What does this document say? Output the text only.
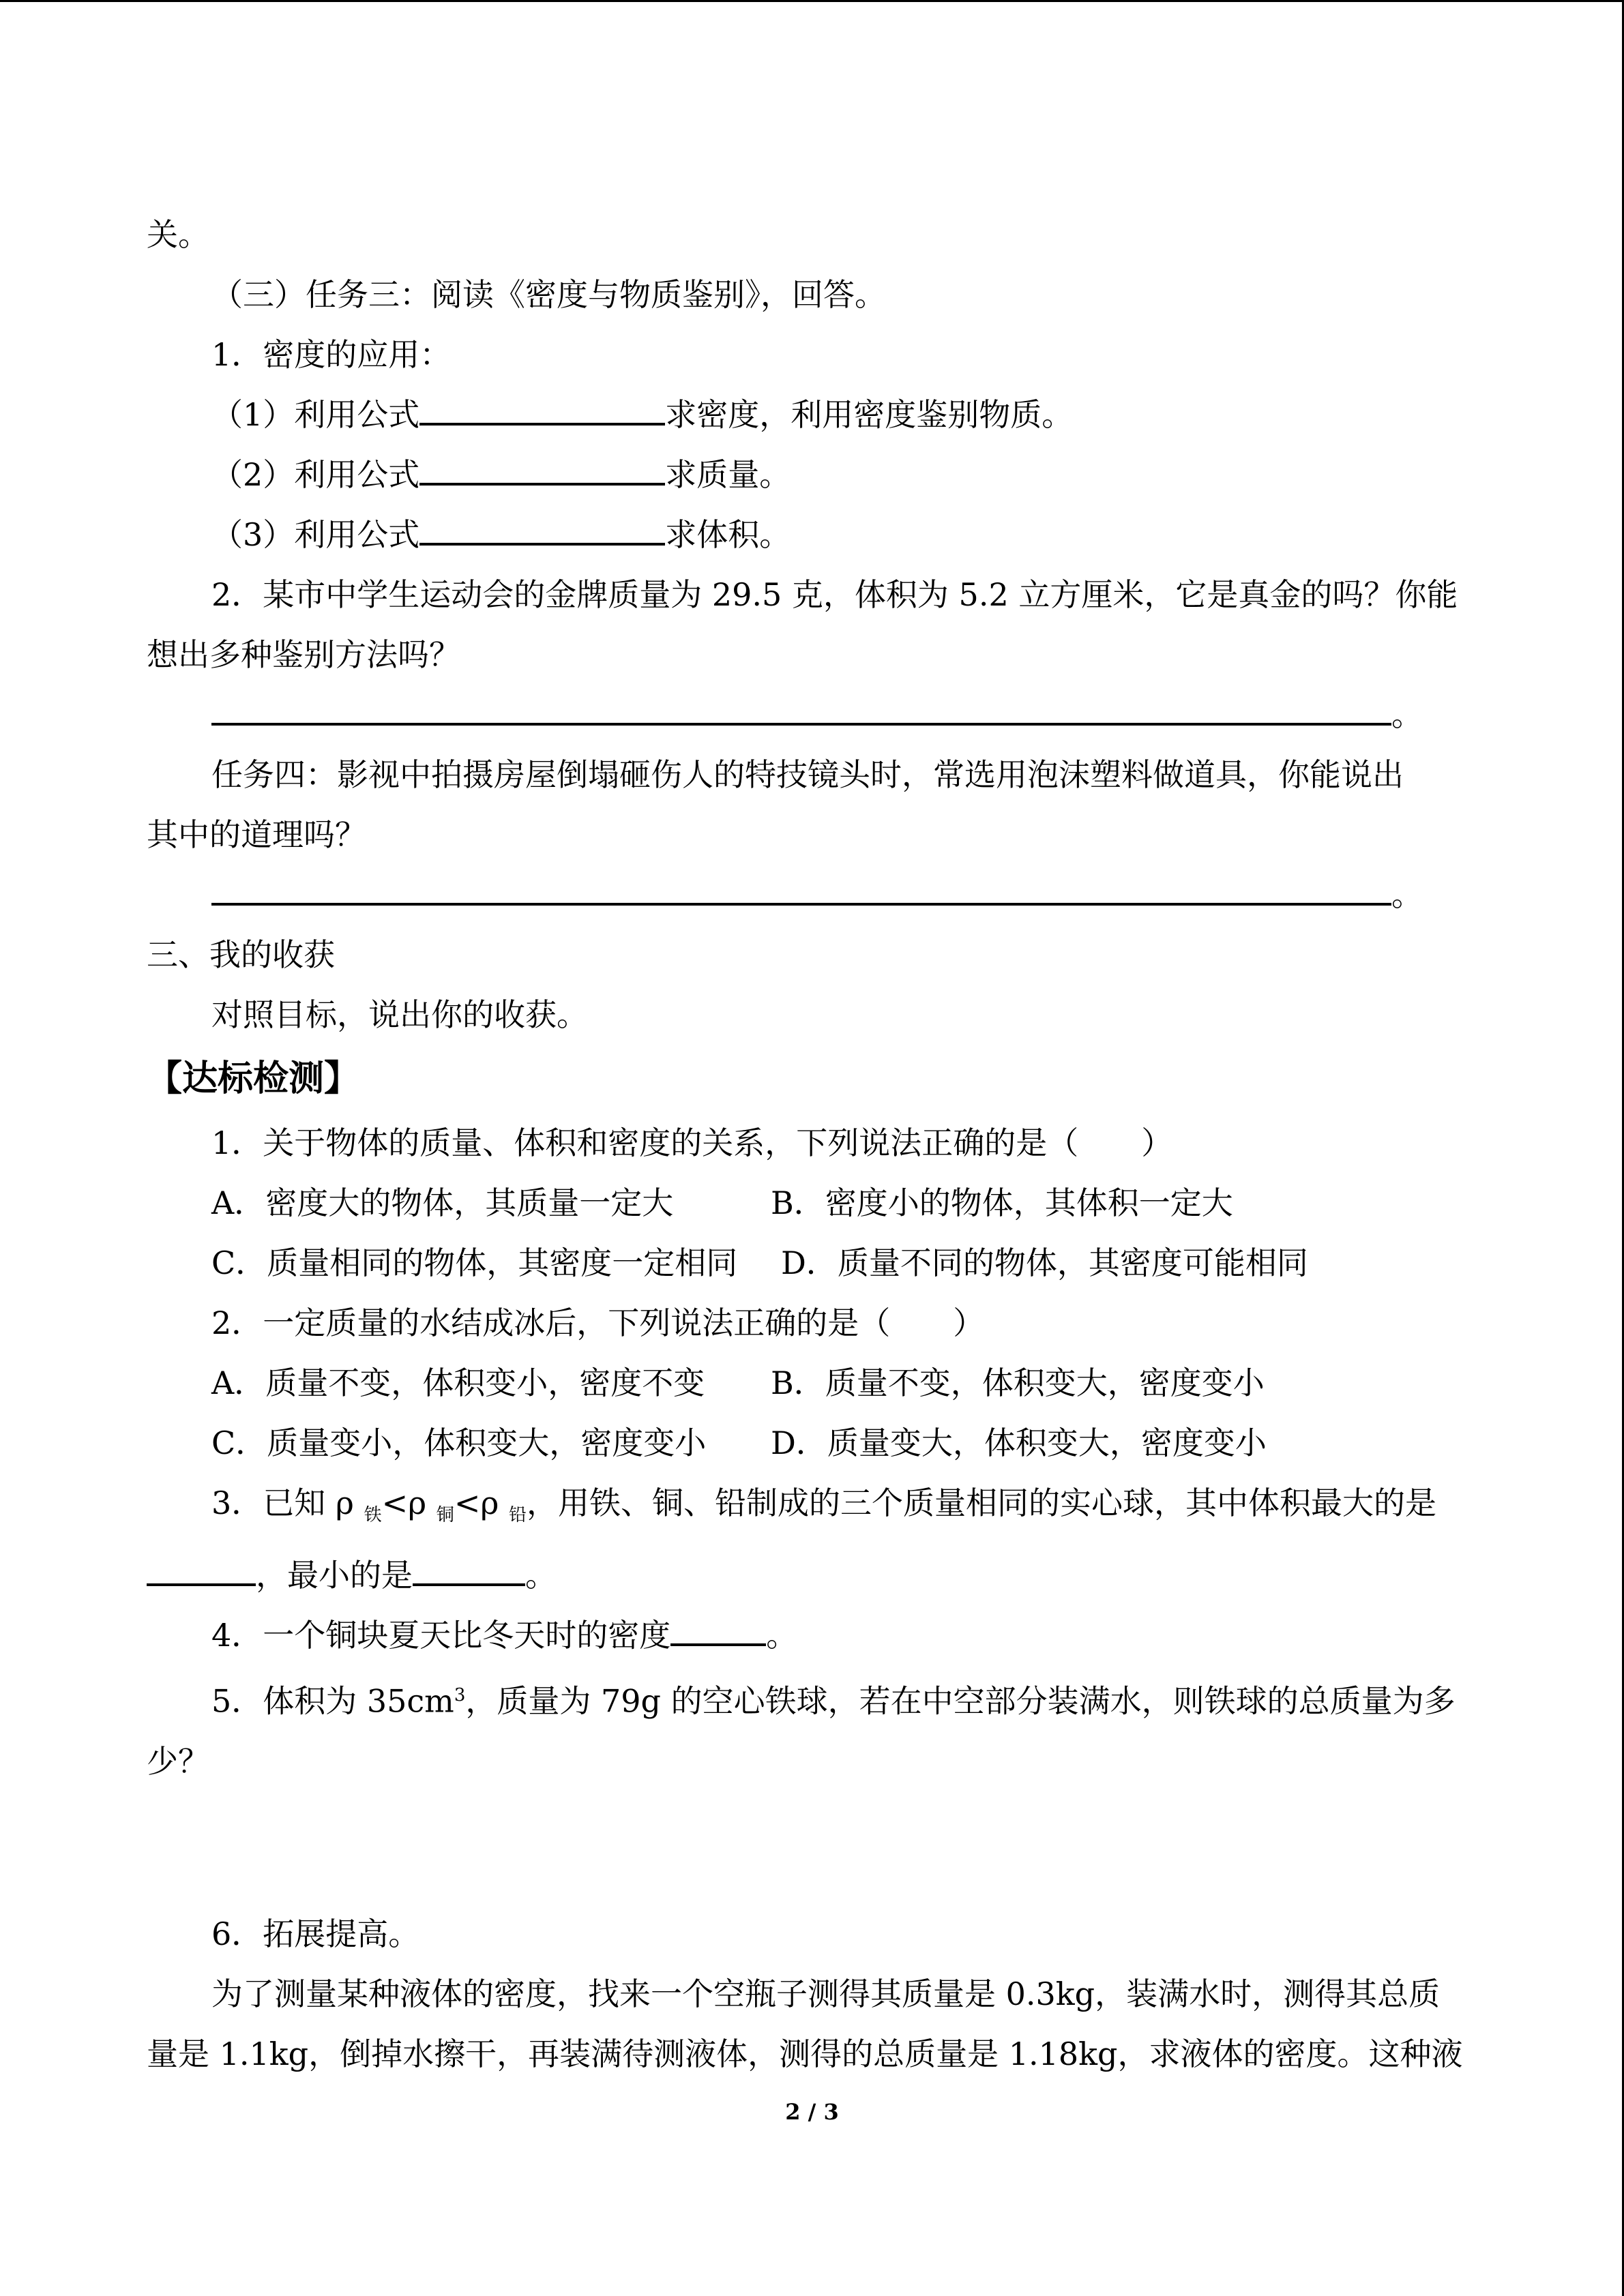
关。
（三）任务三：阅读《密度与物质鉴别》，回答。
1．密度的应用：
（1）利用公式	求密度，利用密度鉴别物质。
（2）利用公式	求质量。
（3）利用公式	求体积。
2．某市中学生运动会的金牌质量为 29.5 克，体积为 5.2 立方厘米，它是真金的吗？你能
想出多种鉴别方法吗？
。
任务四：影视中拍摄房屋倒塌砸伤人的特技镜头时，常选用泡沫塑料做道具，你能说出
其中的道理吗？
。
三、我的收获
对照目标，说出你的收获。
【达标检测】
1．关于物体的质量、体积和密度的关系，下列说法正确的是（　　）
A．密度大的物体，其质量一定大	B．密度小的物体，其体积一定大
C．质量相同的物体，其密度一定相同	D．质量不同的物体，其密度可能相同
2．一定质量的水结成冰后，下列说法正确的是（　　）
A．质量不变，体积变小，密度不变	B．质量不变，体积变大，密度变小
C．质量变小，体积变大，密度变小	D．质量变大，体积变大，密度变小
3．已知 ρ $_铁$<ρ $_铜$<ρ $_铅$，用铁、铜、铅制成的三个质量相同的实心球，其中体积最大的是
，最小的是	。
4．一个铜块夏天比冬天时的密度	。
5．体积为 $35cm^3$，质量为 79g 的空心铁球，若在中空部分装满水，则铁球的总质量为多
少？
6．拓展提高。
为了测量某种液体的密度，找来一个空瓶子测得其质量是 0.3kg，装满水时，测得其总质
量是 1.1kg，倒掉水擦干，再装满待测液体，测得的总质量是 1.18kg，求液体的密度。这种液
2 / 3
